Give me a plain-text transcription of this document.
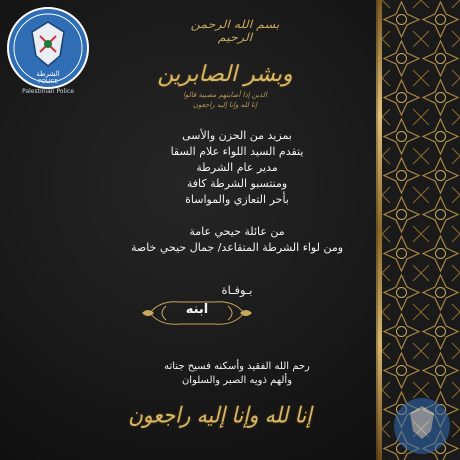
الشرطة
POLICE
Palestinian Police
بسم الله الرحمن الرحيم
وبشر الصابرين
الذين إذا أصابتهم مصيبة قالوا
إنا لله وإنا إليه راجعون
بمزيد من الحزن والأسى
يتقدم السيد اللواء علام السقا
مدير عام الشرطة
ومنتسبو الشرطة كافة
بأحر التعازي والمواساة
من عائلة حيحي عامة
ومن لواء الشرطة المتقاعد/ جمال حيحي خاصة
بـوفـاة
ابنه
رحم الله الفقيد وأسكنه فسيح جناته
وألهم ذويه الصبر والسلوان
إنا لله وإنا إليه راجعون
